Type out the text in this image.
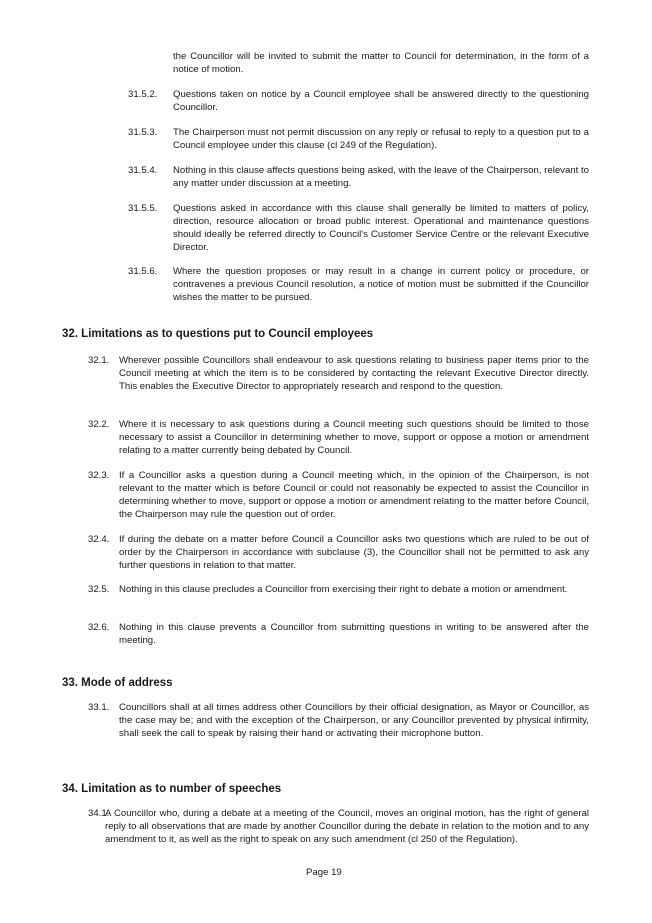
the Councillor will be invited to submit the matter to Council for determination, in the form of a notice of motion.

31.5.2. Questions taken on notice by a Council employee shall be answered directly to the questioning Councillor.

31.5.3. The Chairperson must not permit discussion on any reply or refusal to reply to a question put to a Council employee under this clause (cl 249 of the Regulation).

31.5.4. Nothing in this clause affects questions being asked, with the leave of the Chairperson, relevant to any matter under discussion at a meeting.

31.5.5. Questions asked in accordance with this clause shall generally be limited to matters of policy, direction, resource allocation or broad public interest. Operational and maintenance questions should ideally be referred directly to Council's Customer Service Centre or the relevant Executive Director.

31.5.6. Where the question proposes or may result in a change in current policy or procedure, or contravenes a previous Council resolution, a notice of motion must be submitted if the Councillor wishes the matter to be pursued.

32. Limitations as to questions put to Council employees
32.1. Wherever possible Councillors shall endeavour to ask questions relating to business paper items prior to the Council meeting at which the item is to be considered by contacting the relevant Executive Director directly. This enables the Executive Director to appropriately research and respond to the question.

32.2. Where it is necessary to ask questions during a Council meeting such questions should be limited to those necessary to assist a Councillor in determining whether to move, support or oppose a motion or amendment relating to a matter currently being debated by Council.

32.3. If a Councillor asks a question during a Council meeting which, in the opinion of the Chairperson, is not relevant to the matter which is before Council or could not reasonably be expected to assist the Councillor in determining whether to move, support or oppose a motion or amendment relating to the matter before Council, the Chairperson may rule the question out of order.

32.4. If during the debate on a matter before Council a Councillor asks two questions which are ruled to be out of order by the Chairperson in accordance with subclause (3), the Councillor shall not be permitted to ask any further questions in relation to that matter.

32.5. Nothing in this clause precludes a Councillor from exercising their right to debate a motion or amendment.

32.6. Nothing in this clause prevents a Councillor from submitting questions in writing to be answered after the meeting.

33. Mode of address
33.1. Councillors shall at all times address other Councillors by their official designation, as Mayor or Councillor, as the case may be; and with the exception of the Chairperson, or any Councillor prevented by physical infirmity, shall seek the call to speak by raising their hand or activating their microphone button.

34. Limitation as to number of speeches
34.1.

A Councillor who, during a debate at a meeting of the Council, moves an original motion, has the right of general reply to all observations that are made by another Councillor during the debate in relation to the motion and to any amendment to it, as well as the right to speak on any such amendment (cl 250 of the Regulation).

Page 19
